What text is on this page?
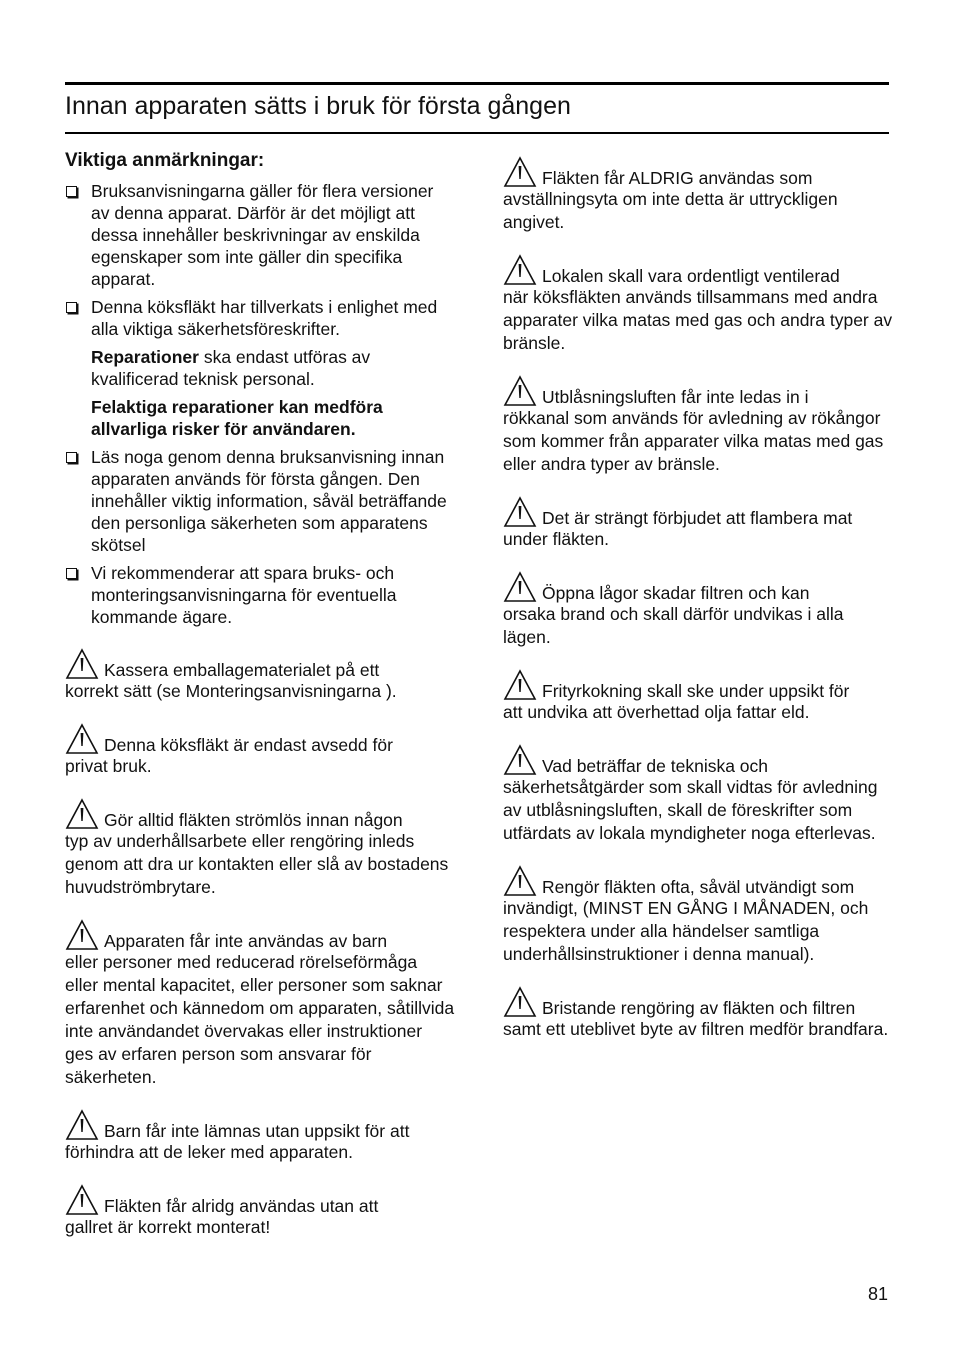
Innan apparaten sätts i bruk för första gången
Viktiga anmärkningar:
Bruksanvisningarna gäller för flera versioner av denna apparat. Därför är det möjligt att dessa innehåller beskrivningar av enskilda egenskaper som inte gäller din specifika apparat.
Denna köksfläkt har tillverkats i enlighet med alla viktiga säkerhetsföreskrifter.
Reparationer ska endast utföras av kvalificerad teknisk personal.
Felaktiga reparationer kan medföra allvarliga risker för användaren.
Läs noga genom denna bruksanvisning innan apparaten används för första gången. Den innehåller viktig information, såväl beträffande den personliga säkerheten som apparatens skötsel
Vi rekommenderar att spara bruks- och monteringsanvisningarna för eventuella kommande ägare.
Kassera emballagematerialet på ett
korrekt sätt (se Monteringsanvisningarna ).
Denna köksfläkt är endast avsedd för
privat bruk.
Gör alltid fläkten strömlös innan någon
typ av underhållsarbete eller rengöring inleds genom att dra ur kontakten eller slå av bostadens huvudströmbrytare.
Apparaten får inte användas av barn
eller personer med reducerad rörelseförmåga eller mental kapacitet, eller personer som saknar erfarenhet och kännedom om apparaten, såtillvida inte användandet övervakas eller instruktioner ges av erfaren person som ansvarar för säkerheten.
Barn får inte lämnas utan uppsikt för att
förhindra att de leker med apparaten.
Fläkten får alridg användas utan att
gallret är korrekt monterat!
Fläkten får ALDRIG användas som
avställningsyta om inte detta är uttryckligen angivet.
Lokalen skall vara ordentligt ventilerad
när köksfläkten används tillsammans med andra apparater vilka matas med gas och andra typer av bränsle.
Utblåsningsluften får inte ledas in i
rökkanal som används för avledning av rökångor som kommer från apparater vilka matas med gas eller andra typer av bränsle.
Det är strängt förbjudet att flambera mat
under fläkten.
Öppna lågor skadar filtren och kan
orsaka brand och skall därför undvikas i alla lägen.
Frityrkokning skall ske under uppsikt för
att undvika att överhettad olja fattar eld.
Vad beträffar de tekniska och
säkerhetsåtgärder som skall vidtas för avledning av utblåsningsluften, skall de föreskrifter som utfärdats av lokala myndigheter noga efterlevas.
Rengör fläkten ofta, såväl utvändigt som
invändigt, (MINST EN GÅNG I MÅNADEN, och respektera under alla händelser samtliga underhållsinstruktioner i denna manual).
Bristande rengöring av fläkten och filtren
samt ett uteblivet byte av filtren medför brandfara.
81
